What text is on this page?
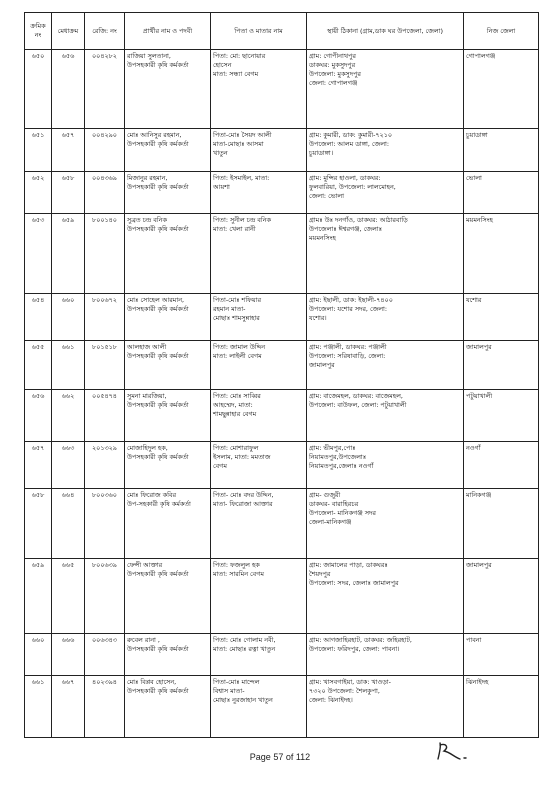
ক্রমিক নং	মেধাক্রম	রেজি: নং	প্রার্থীর নাম ও পদবী	পিতা ও মাতার নাম	স্থায়ী ঠিকানা (গ্রাম,ডাক ঘর উপজেলা, জেলা)	নিজ জেলা
৬৫০	৬৫৬	০০৪২৮২	রাজিয়া সুলতানা,
উপসহকারী কৃষি কর্মকর্তা	পিতা: মো: ছানোয়ার
হোসেন
মাতা: সন্ধ্যা বেগম	গ্রাম: গোপীনাথপুর
ডাকঘর: মুকসুদপুর
উপজেলা: মুকসুদপুর
জেলা: গোপালগঞ্জ	গোপালগঞ্জ
৬৫১	৬৫৭	০০৪২৯০	মোঃ আনিসুর রহমান,
উপসহকারী কৃষি কর্মকর্তা	পিতা-মোঃ সৈয়দ আলী
মাতা-মোছাঃ আসমা
খাতুন	গ্রাম: কুমারী, ডাক: কুমারী-৭২১০
উপজেলা: আলম ডাঙ্গা, জেলা:
চুয়াডাঙ্গা।	চুয়াডাঙ্গা
৬৫২	৬৫৮	০০৪৩৬৯	মিজানুর রহমান,
উপসহকারী কৃষি কর্মকর্তা	পিতা: ইসমাইল, মাতা:
আয়শা	গ্রাম: মুন্সির হাওলা, ডাকঘর:
ফুলবারিয়া, উপজেলা: লালমোহন,
জেলা: ভোলা	ভোলা
৬৫৩	৬৫৯	৮০০১৪০	সুব্রত চন্দ্র বনিক
উপসহকারী কৃষি কর্মকর্তা	পিতা: সুনীল চন্দ্র বনিক
মাতা: খেলা রানী	গ্রামঃ উঃ দনগাঁও, ডাকঘর: আঠারবাড়ি
উপজেলাঃ ঈশ্বরগঞ্জ, জেলাঃ
ময়মনসিংহ	ময়মনসিংহ
৬৫৪	৬৬০	৮০০৬৭২	মোঃ সোহেল আরমান,
উপসহকারী কৃষি কর্মকর্তা	পিতা-মোঃ শফিয়ার
রহমান মাতা-
মোছাঃ শামসুন্নাহার	গ্রাম: ইছালী, ডাক: ইছালী-৭৪০০
উপজেলা: যশোর সদর, জেলা:
যশোর।	যশোর
৬৫৫	৬৬১	৮০১৫১৮	আলহাজ আলী
উপসহকারী কৃষি কর্মকর্তা	পিতা: জামাল উদ্দিন
মাতা: লাইলী বেগম	গ্রাম: পঞ্জালী, ডাকঘর: পঞ্জালী
উপজেলা: সরিষাবাড়ি, জেলা:
জামালপুর	জামালপুর
৬৫৬	৬৬২	০০৫৪৭৪	সুমনা মারজিয়া,
উপসহকারী কৃষি কর্মকর্তা	পিতা: মোঃ সাব্বির
আহম্মেদ, মাতা:
শামছুন্নাহার বেগম	গ্রাম: বাজেমহল, ডাকঘর: বাজেমহল,
উপজেলা: বাউফল, জেলা: পটুয়াখালী	পটুয়াখালী
৬৫৭	৬৬৩	২০১৩২৯	মোজাহিদুল হক,
উপসহকারী কৃষি কর্মকর্তা	পিতা: মোশারাফুল
ইসলাম, মাতা: মমতাজ
বেগম	গ্রাম: ভীমপুর,পোঃ
নিয়ামতপুর,উপজেলাঃ
নিয়ামতপুর,জেলাঃ নওগাঁ	নওগাঁ
৬৫৮	৬৬৪	৮০০৩৬০	মোঃ ফিরোজ কবির
উপ-সহকারী কৃষি কর্মকর্তা	পিতা- মোঃ বদর উদ্দিন,
মাতা- ফিরোজা আক্তার	গ্রাম- গুজুরী
ডাকঘর- বারাহিরচর
উপজেলা- মানিকগঞ্জ সদর
জেলা-মানিকগঞ্জ	মানিকগঞ্জ
৬৫৯	৬৬৫	৮০০৬৩৯	ফেন্সী আক্তার
উপসহকারী কৃষি কর্মকর্তা	পিতা: ফজলুল হক
মাতা: সারমিন বেগম	গ্রাম: জামালের পাড়া, ডাকঘরঃ
শৈয়দপুর
উপজেলা: সদর, জেলাঃ জামালপুর	জামালপুর
৬৬০	৬৬৬	০০৬৩৪৩	রুবেল রানা ,
উপসহকারী কৃষি কর্মকর্তা	পিতা: মোঃ গোলাম নবী,
মাতা: মোছাঃ রত্না খাতুন	গ্রাম: আগজাহিরহাট, ডাকঘর: জহিরহাট,
উপজেলা: ফরিদপুর, জেলা: পাবনা।	পাবনা
৬৬১	৬৬৭	৪০২৩৯৪	মোঃ বিপ্লব হোসেন,
উপসহকারী কৃষি কর্মকর্তা	পিতা-মোঃ মান্দেল
বিশ্বাস মাতা-
মোছাঃ নুরজাহান খাতুন	গ্রাম: খাসবগাইয়া, ডাক: খাওড়া-
৭৩২০ উপজেলা: শৈলকুপা,
জেলা: ঝিনাইদহ।	ঝিনাইদহ
Page 57 of 112
